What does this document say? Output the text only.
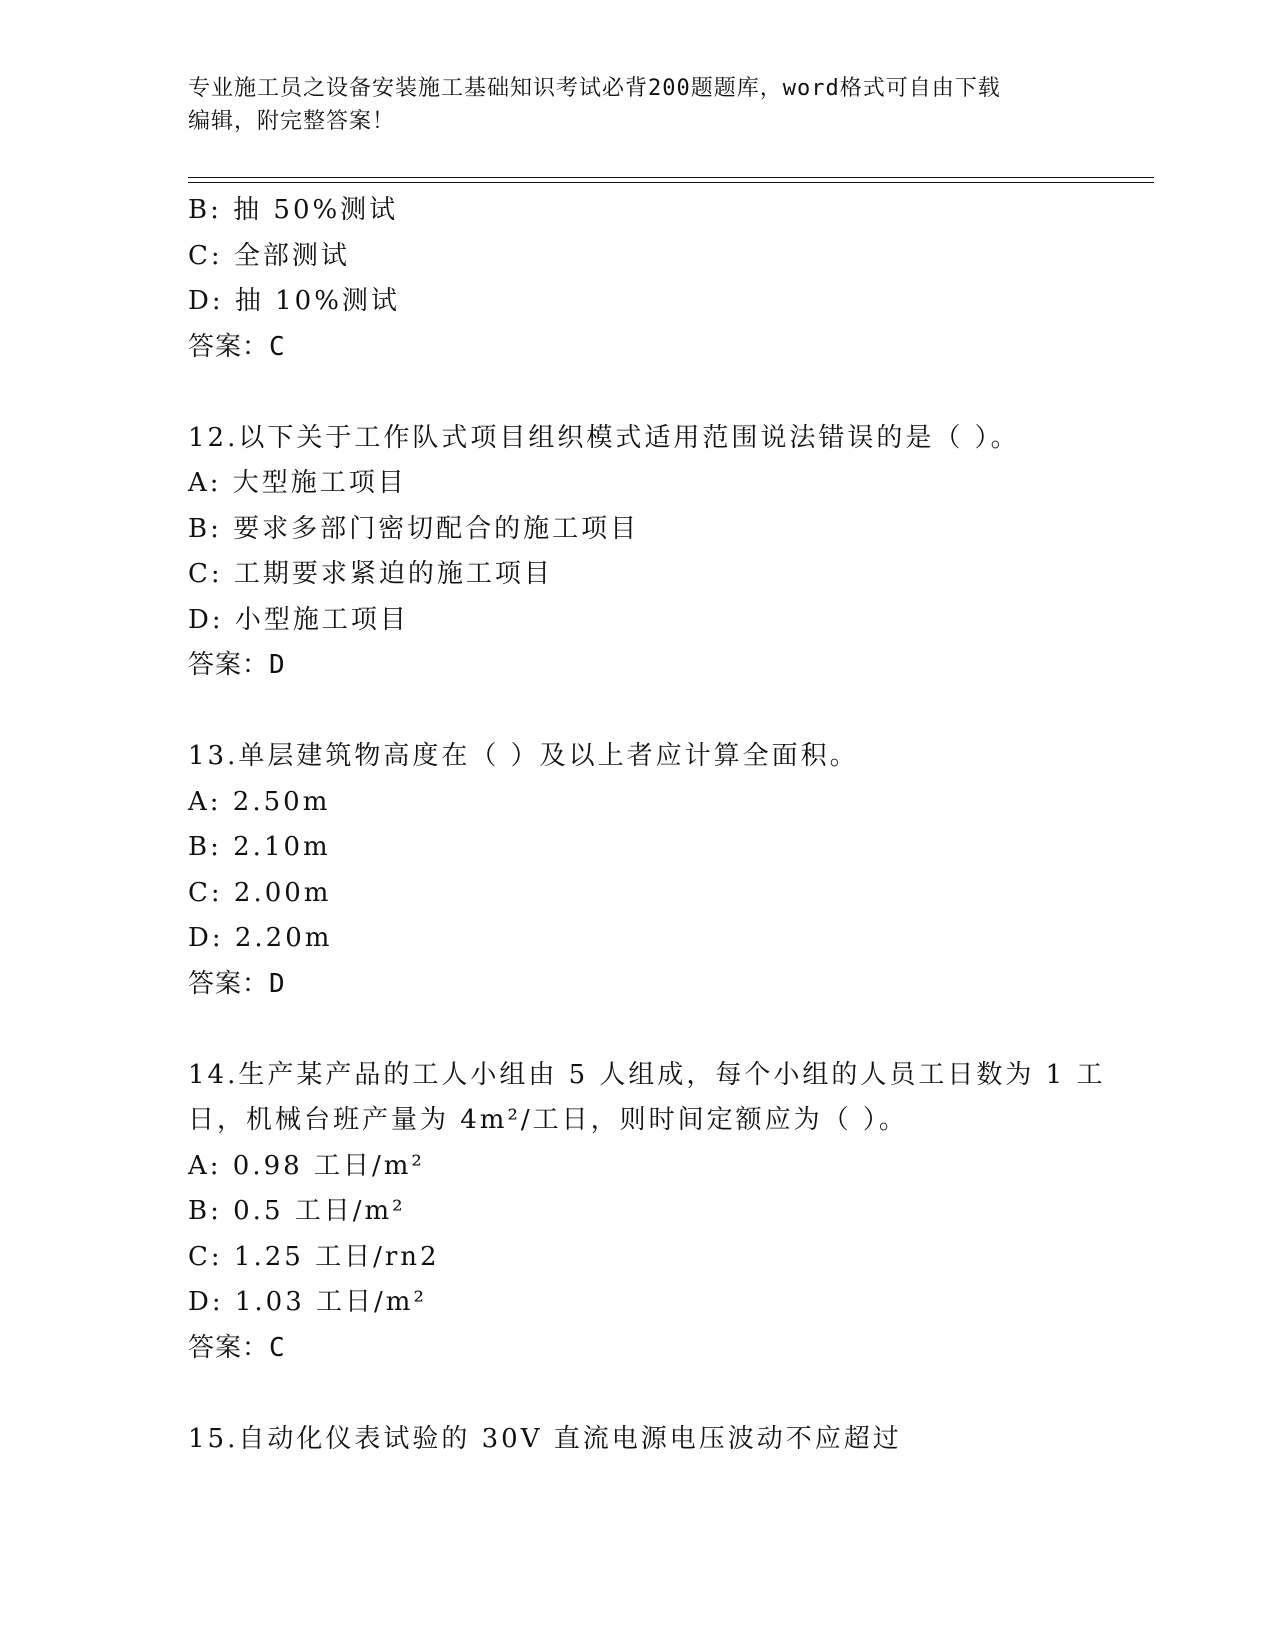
专业施工员之设备安装施工基础知识考试必背200题题库，word格式可自由下载
编辑，附完整答案！
B: 抽 50%测试
C: 全部测试
D: 抽 10%测试
答案：C
12.以下关于工作队式项目组织模式适用范围说法错误的是（ ）。
A: 大型施工项目
B: 要求多部门密切配合的施工项目
C: 工期要求紧迫的施工项目
D: 小型施工项目
答案：D
13.单层建筑物高度在（ ）及以上者应计算全面积。
A: 2.50m
B: 2.10m
C: 2.00m
D: 2.20m
答案：D
14.生产某产品的工人小组由 5 人组成，每个小组的人员工日数为 1 工
日，机械台班产量为 4m²/工日，则时间定额应为（ ）。
A: 0.98 工日/m²
B: 0.5 工日/m²
C: 1.25 工日/rn2
D: 1.03 工日/m²
答案：C
15.自动化仪表试验的 30V 直流电源电压波动不应超过
